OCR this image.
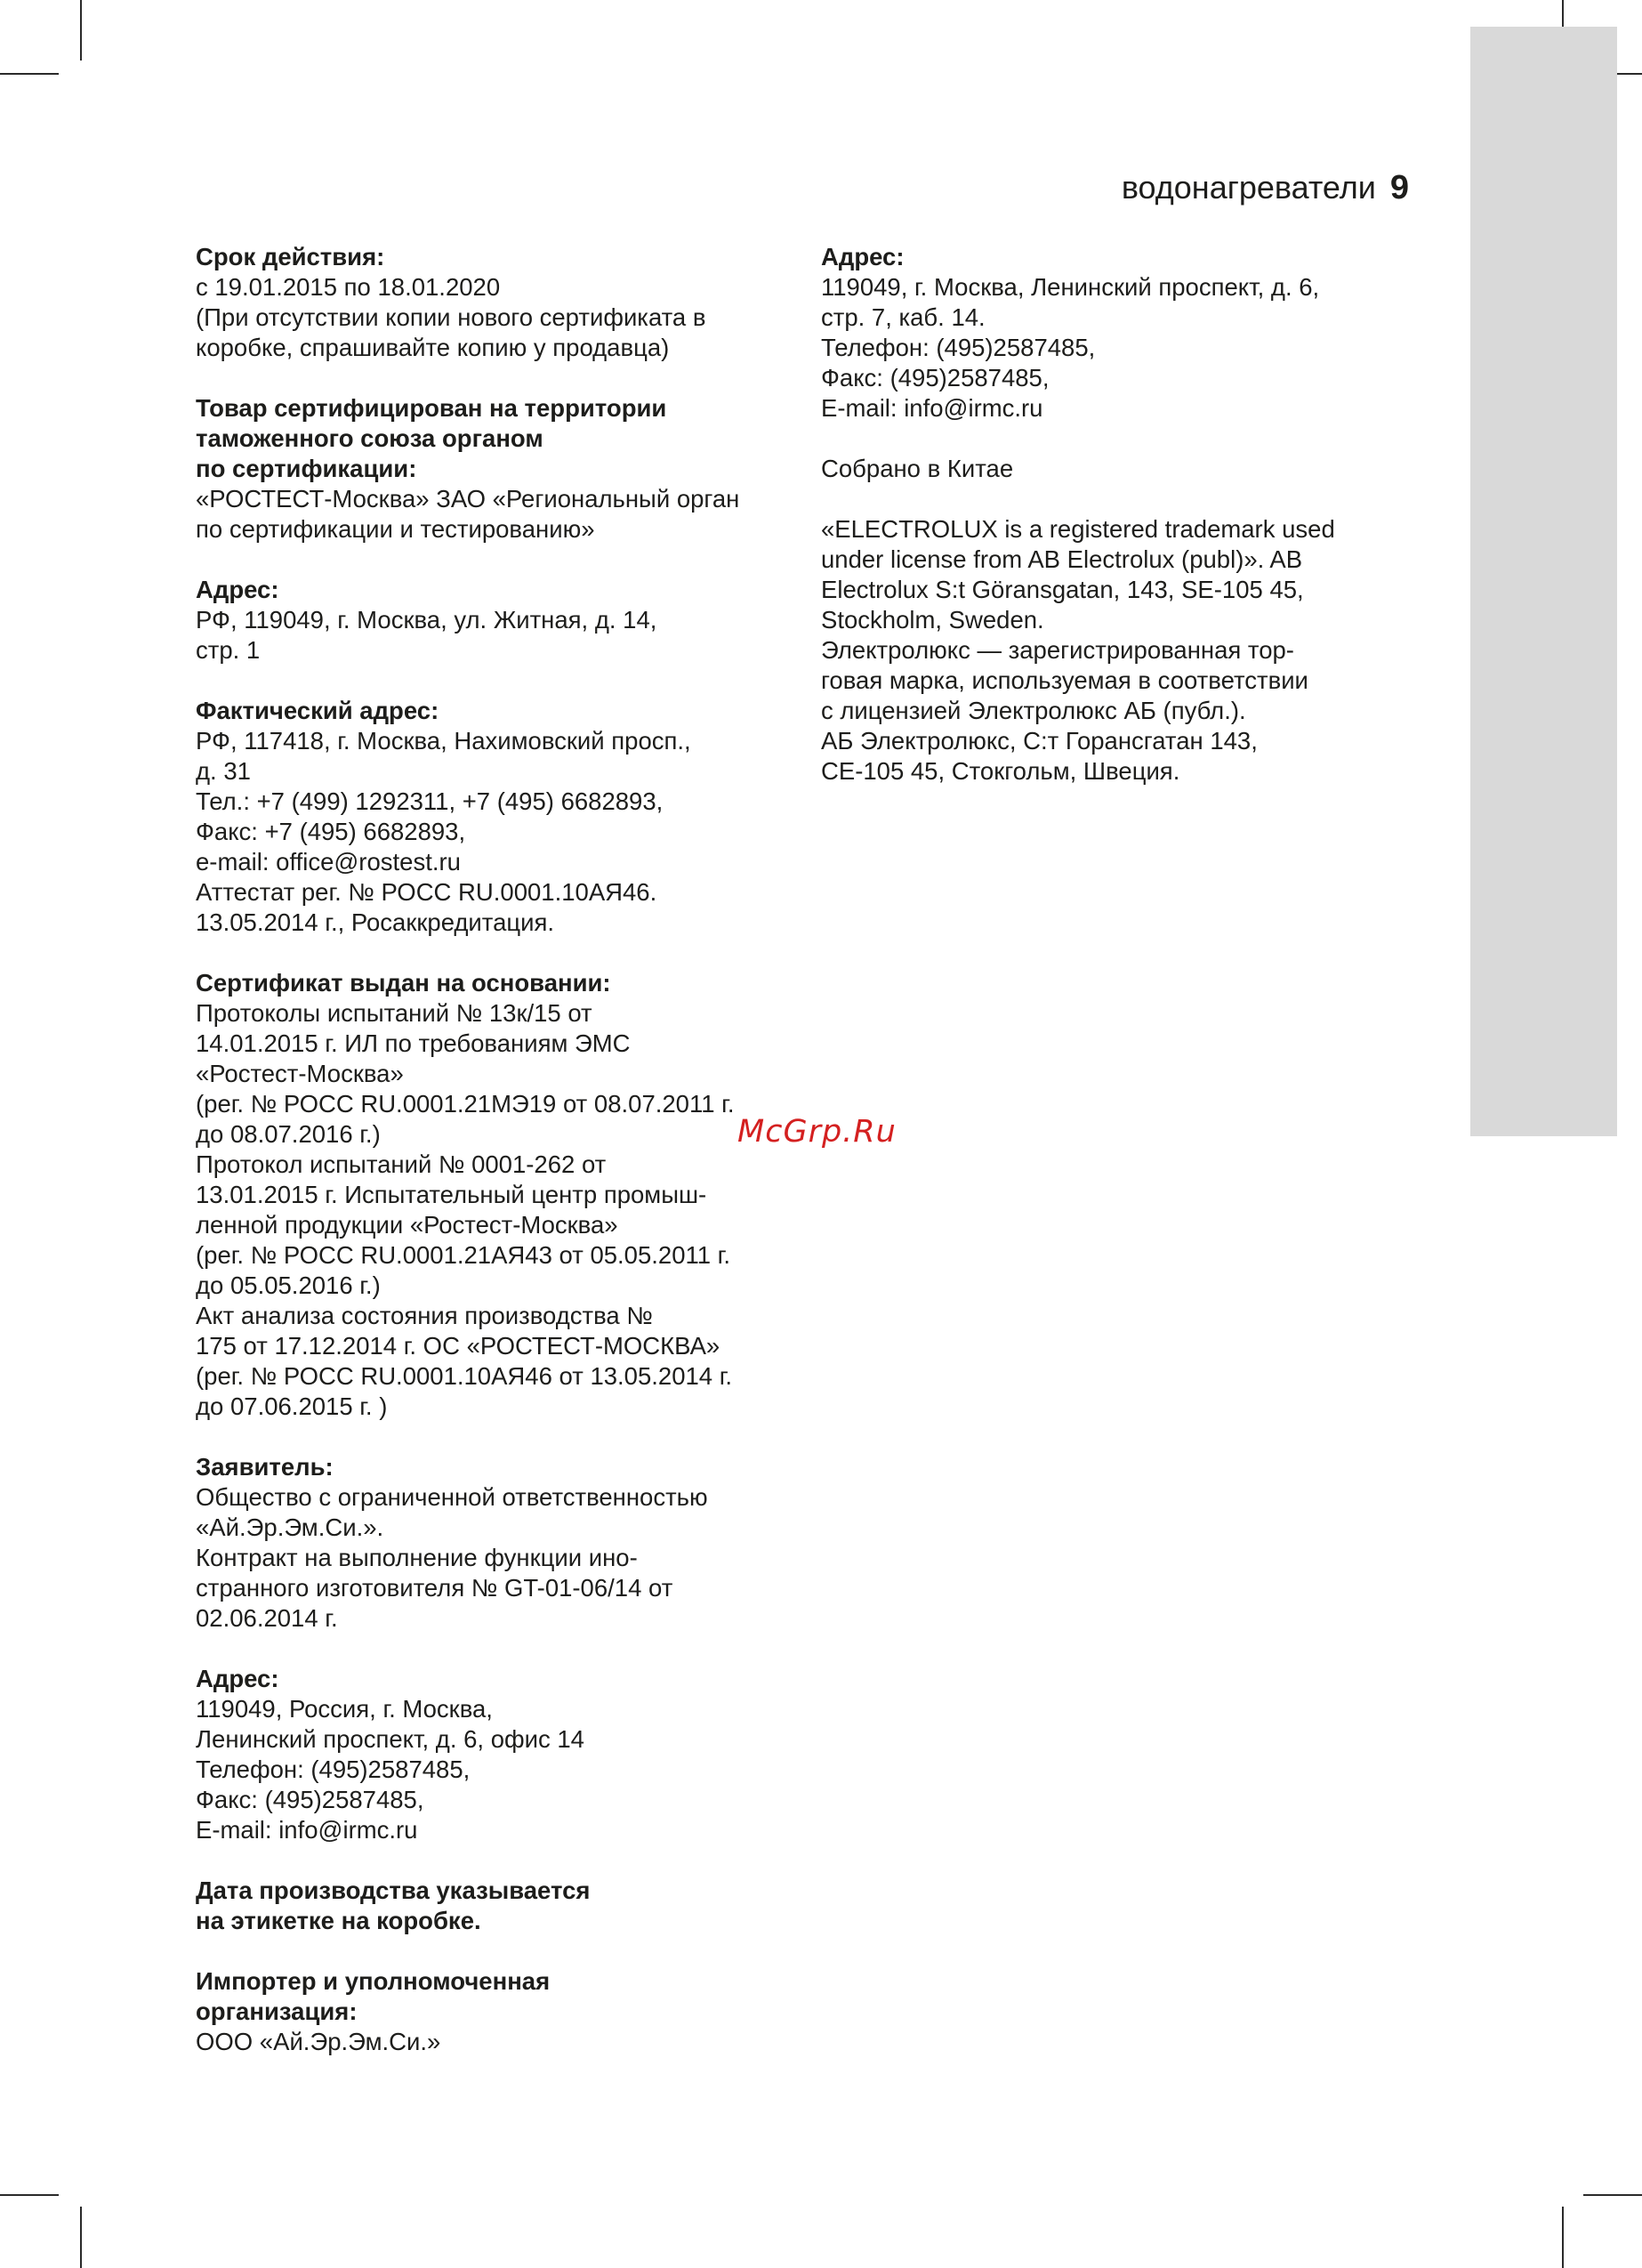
водонагреватели 9
Срок действия:
с 19.01.2015 по 18.01.2020
(При отсутствии копии нового сертификата в
коробке, спрашивайте копию у продавца)
Товар сертифицирован на территории
таможенного союза органом
по сертификации:
«РОСТЕСТ-Москва» ЗАО «Региональный орган
по сертификации и тестированию»
Адрес:
РФ, 119049, г. Москва, ул. Житная, д. 14,
стр. 1
Фактический адрес:
РФ, 117418, г. Москва, Нахимовский просп.,
д. 31
Тел.: +7 (499) 1292311, +7 (495) 6682893,
Факс: +7 (495) 6682893,
e-mail: office@rostest.ru
Аттестат рег. № РОСС RU.0001.10АЯ46.
13.05.2014 г., Росаккредитация.
Сертификат выдан на основании:
Протоколы испытаний № 13к/15 от
14.01.2015 г. ИЛ по требованиям ЭМС
«Ростест-Москва»
(рег. № РОСС RU.0001.21МЭ19 от 08.07.2011 г.
до 08.07.2016 г.)
Протокол испытаний № 0001-262 от
13.01.2015 г. Испытательный центр промыш-
ленной продукции «Ростест-Москва»
(рег. № РОСС RU.0001.21АЯ43 от 05.05.2011 г.
до 05.05.2016 г.)
Акт анализа состояния производства №
175 от 17.12.2014 г. ОС «РОСТЕСТ-МОСКВА»
(рег. № РОСС RU.0001.10АЯ46 от 13.05.2014 г.
до 07.06.2015 г. )
Заявитель:
Общество с ограниченной ответственностью
«Ай.Эр.Эм.Си.».
Контракт на выполнение функции ино-
странного изготовителя № GT-01-06/14 от
02.06.2014 г.
Адрес:
119049, Россия, г. Москва,
Ленинский проспект, д. 6, офис 14
Телефон: (495)2587485,
Факс: (495)2587485,
E-mail: info@irmc.ru
Дата производства указывается
на этикетке на коробке.
Импортер и уполномоченная
организация:
ООО «Ай.Эр.Эм.Си.»
Адрес:
119049, г. Москва, Ленинский проспект, д. 6,
стр. 7, каб. 14.
Телефон: (495)2587485,
Факс: (495)2587485,
E-mail: info@irmc.ru
Собрано в Китае
«ELECTROLUX is a registered trademark used
under license from AB Electrolux (publ)». AB
Electrolux S:t Göransgatan, 143, SE-105 45,
Stockholm, Sweden.
Электролюкс — зарегистрированная тор-
говая марка, используемая в соответствии
с лицензией Электролюкс АБ (публ.).
АБ Электролюкс, С:т Горансгатан 143,
СЕ-105 45, Стокгольм, Швеция.
McGrp.Ru
